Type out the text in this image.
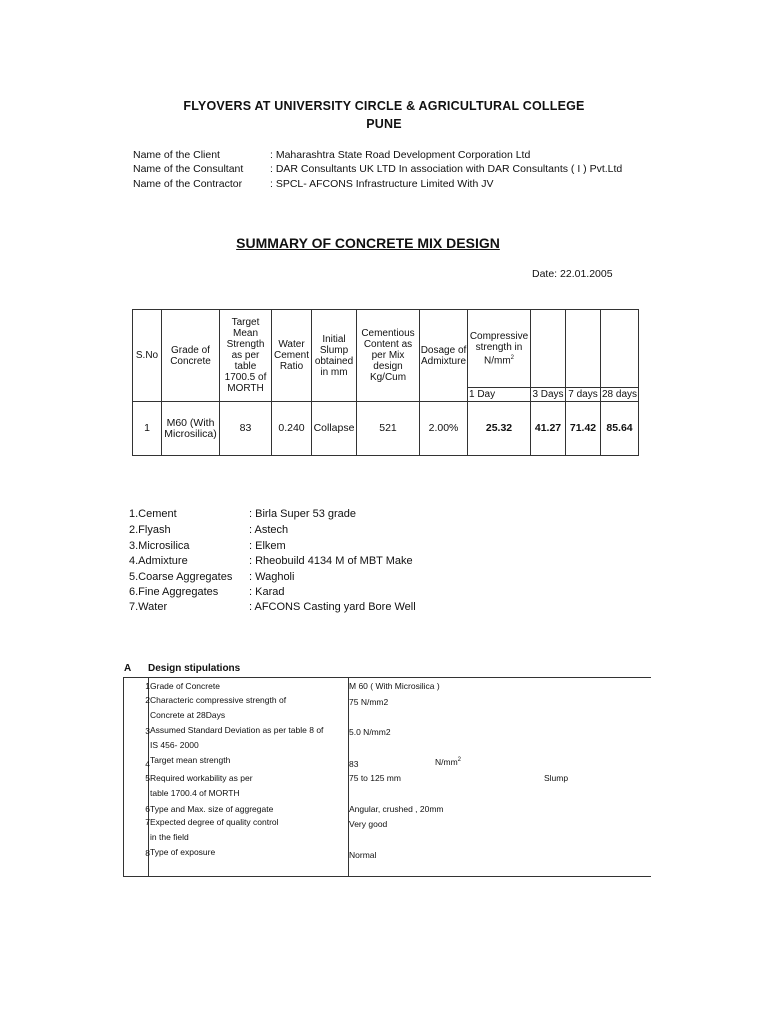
FLYOVERS AT UNIVERSITY CIRCLE & AGRICULTURAL COLLEGE
PUNE
Name of the Client	: Maharashtra State Road Development Corporation Ltd
Name of the Consultant	: DAR Consultants UK LTD In association with DAR Consultants ( I ) Pvt.Ltd
Name of the Contractor	: SPCL- AFCONS Infrastructure Limited With JV
SUMMARY OF CONCRETE MIX DESIGN
Date: 22.01.2005
S.No	Grade of Concrete	Target Mean Strength as per table 1700.5 of MORTH	Water Cement Ratio	Initial Slump obtained in mm	Cementious Content as per Mix design Kg/Cum	Dosage of Admixture	Compressive strength in $N/mm^2$			
							1 Day	3 Days	7 days	28 days
1	M60 (With Microsilica)	83	0.240	Collapse	521	2.00%	25.32	41.27	71.42	85.64
1.Cement	: Birla Super 53 grade
2.Flyash	: Astech
3.Microsilica	: Elkem
4.Admixture	: Rheobuild 4134 M of MBT Make
5.Coarse Aggregates : Wagholi
6.Fine Aggregates	: Karad
7.Water	: AFCONS Casting yard Bore Well
A Design stipulations
1 Grade of Concrete	M 60 ( With Microsilica )
2 Characteric compressive strength of	75 N/mm2
Concrete at 28Days
3 Assumed Standard Deviation as per table 8 of	5.0 N/mm2
IS 456- 2000
4 Target mean strength	83	$N/mm^2$
5 Required workability as per	75 to 125 mm	Slump
table 1700.4 of MORTH
6 Type and Max. size of aggregate	Angular, crushed , 20mm
7 Expected degree of quality control	Very good
in the field
8 Type of exposure	Normal
